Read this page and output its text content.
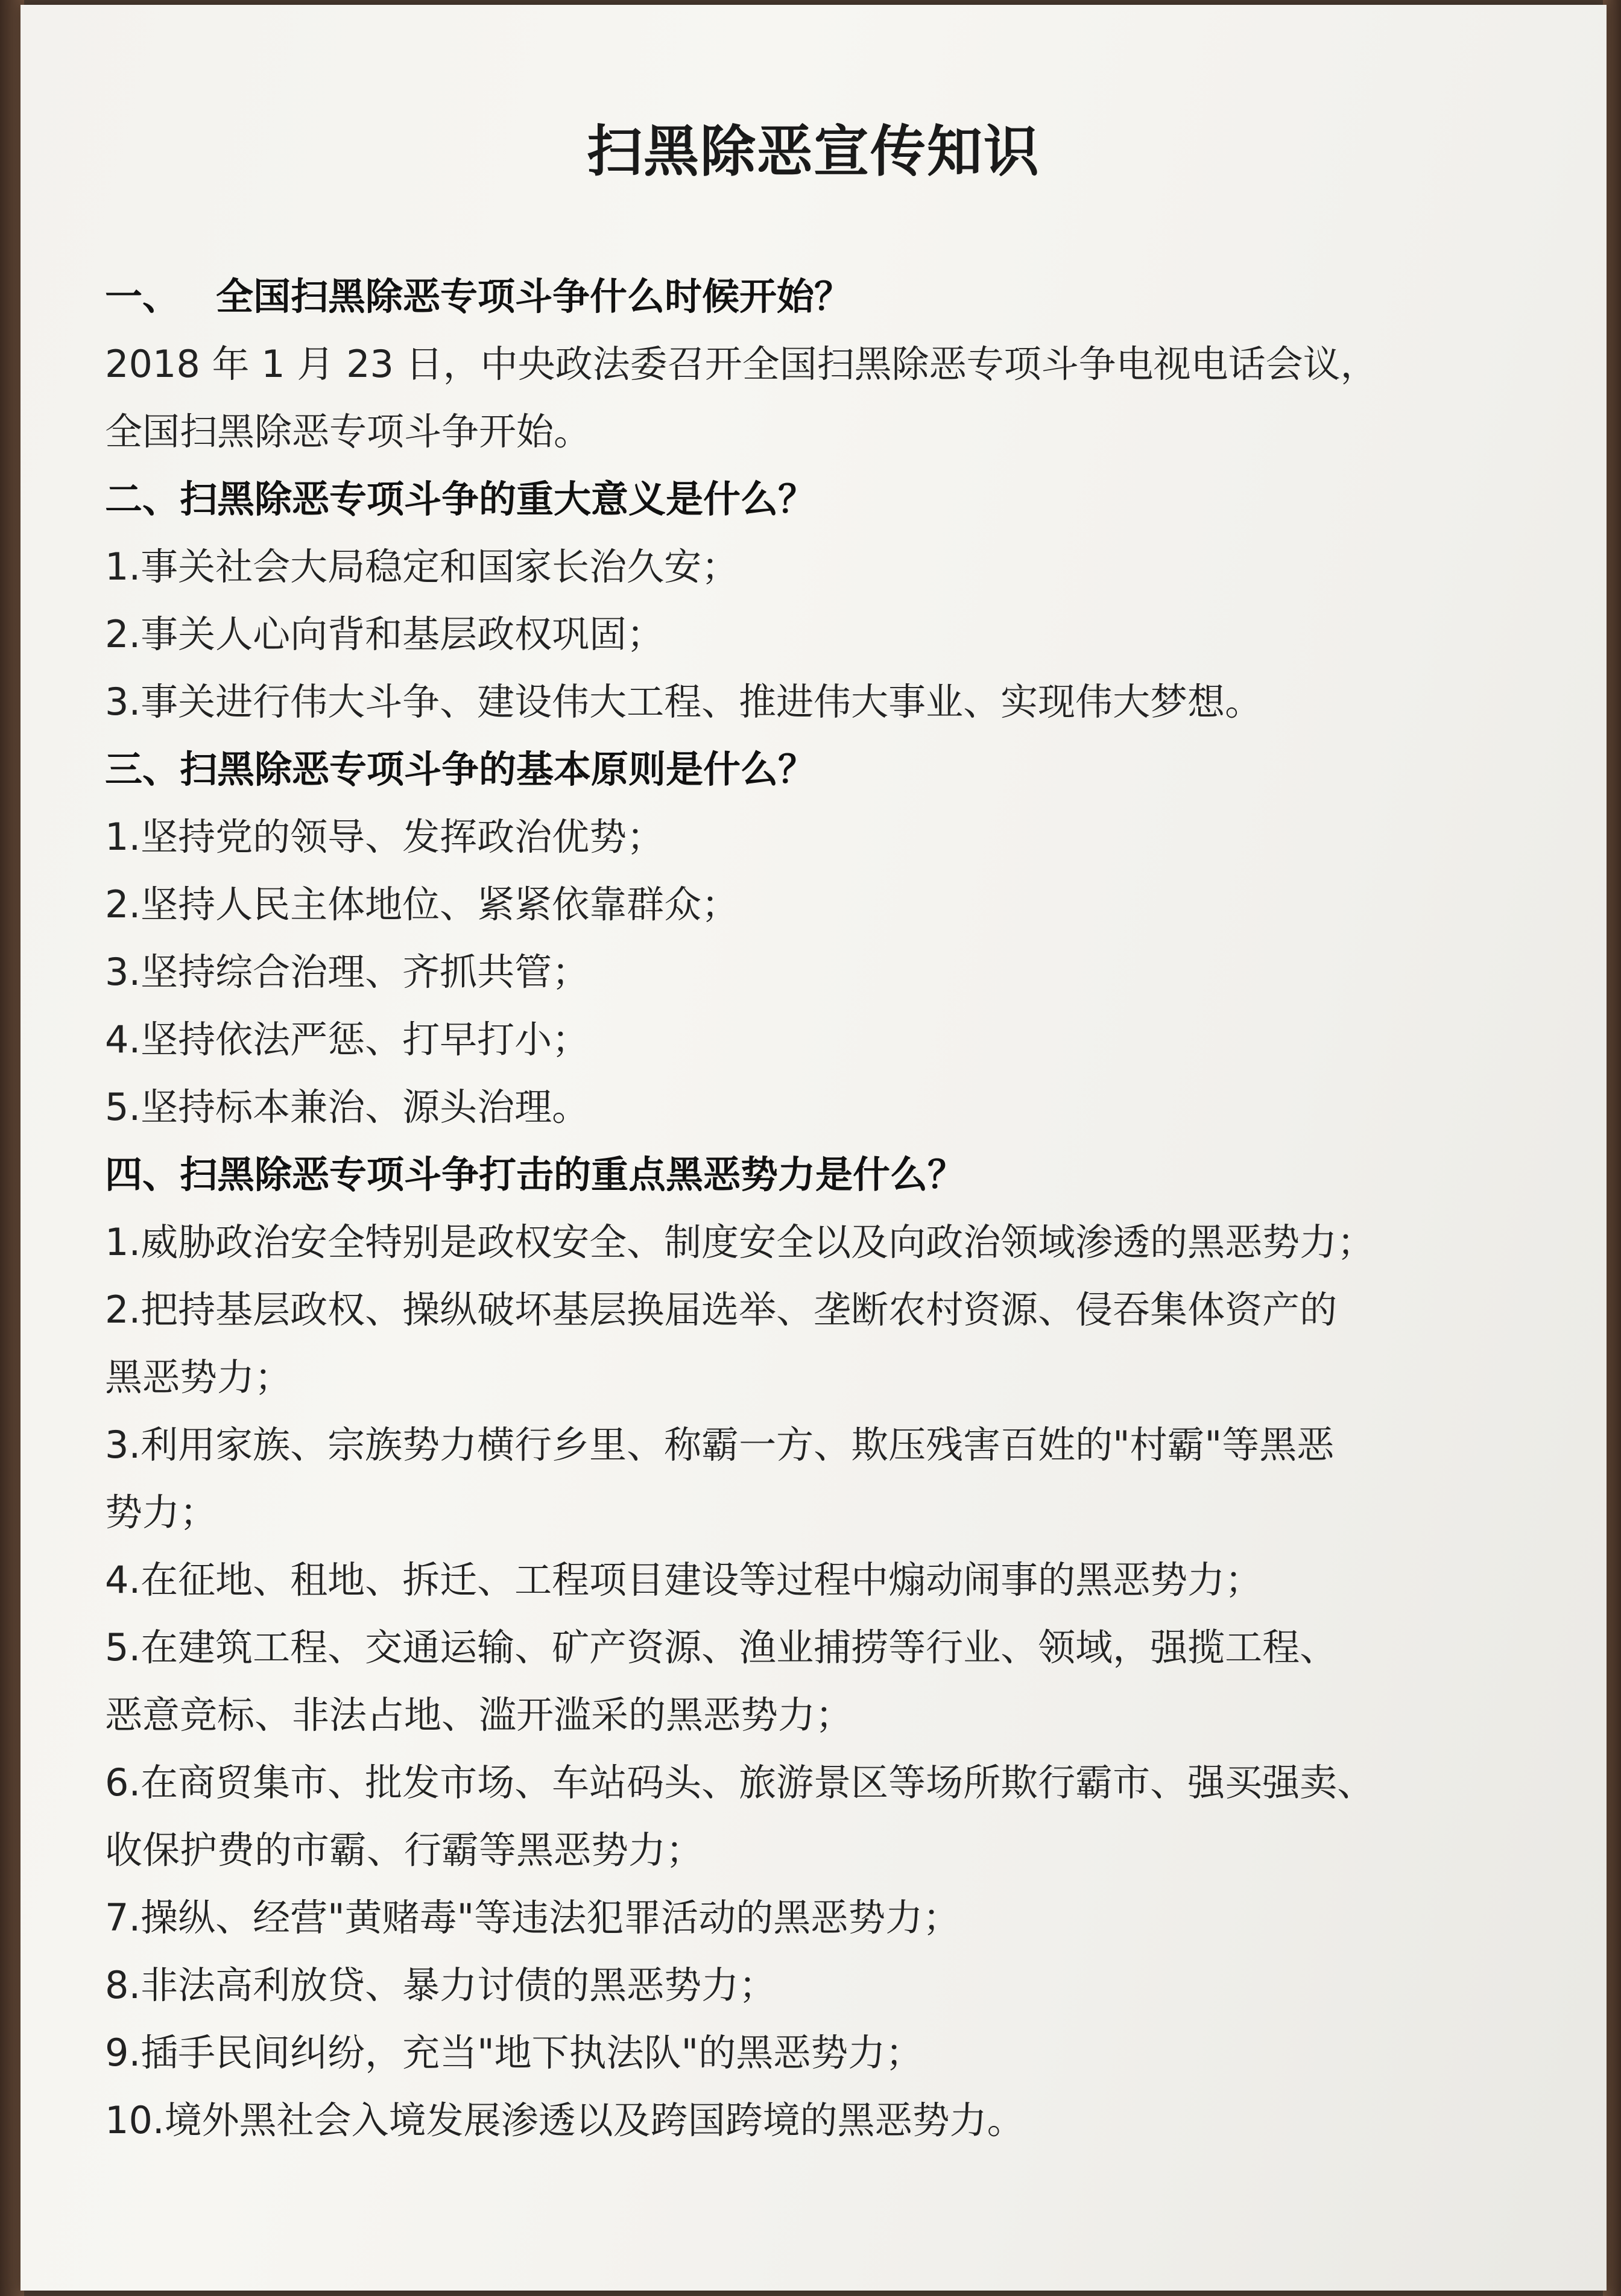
扫黑除恶宣传知识
一、 全国扫黑除恶专项斗争什么时候开始？
2018 年 1 月 23 日，中央政法委召开全国扫黑除恶专项斗争电视电话会议，
全国扫黑除恶专项斗争开始。
二、扫黑除恶专项斗争的重大意义是什么？
1.事关社会大局稳定和国家长治久安；
2.事关人心向背和基层政权巩固；
3.事关进行伟大斗争、建设伟大工程、推进伟大事业、实现伟大梦想。
三、扫黑除恶专项斗争的基本原则是什么？
1.坚持党的领导、发挥政治优势；
2.坚持人民主体地位、紧紧依靠群众；
3.坚持综合治理、齐抓共管；
4.坚持依法严惩、打早打小；
5.坚持标本兼治、源头治理。
四、扫黑除恶专项斗争打击的重点黑恶势力是什么？
1.威胁政治安全特别是政权安全、制度安全以及向政治领域渗透的黑恶势力；
2.把持基层政权、操纵破坏基层换届选举、垄断农村资源、侵吞集体资产的
黑恶势力；
3.利用家族、宗族势力横行乡里、称霸一方、欺压残害百姓的"村霸"等黑恶
势力；
4.在征地、租地、拆迁、工程项目建设等过程中煽动闹事的黑恶势力；
5.在建筑工程、交通运输、矿产资源、渔业捕捞等行业、领域，强揽工程、
恶意竞标、非法占地、滥开滥采的黑恶势力；
6.在商贸集市、批发市场、车站码头、旅游景区等场所欺行霸市、强买强卖、
收保护费的市霸、行霸等黑恶势力；
7.操纵、经营"黄赌毒"等违法犯罪活动的黑恶势力；
8.非法高利放贷、暴力讨债的黑恶势力；
9.插手民间纠纷，充当"地下执法队"的黑恶势力；
10.境外黑社会入境发展渗透以及跨国跨境的黑恶势力。
